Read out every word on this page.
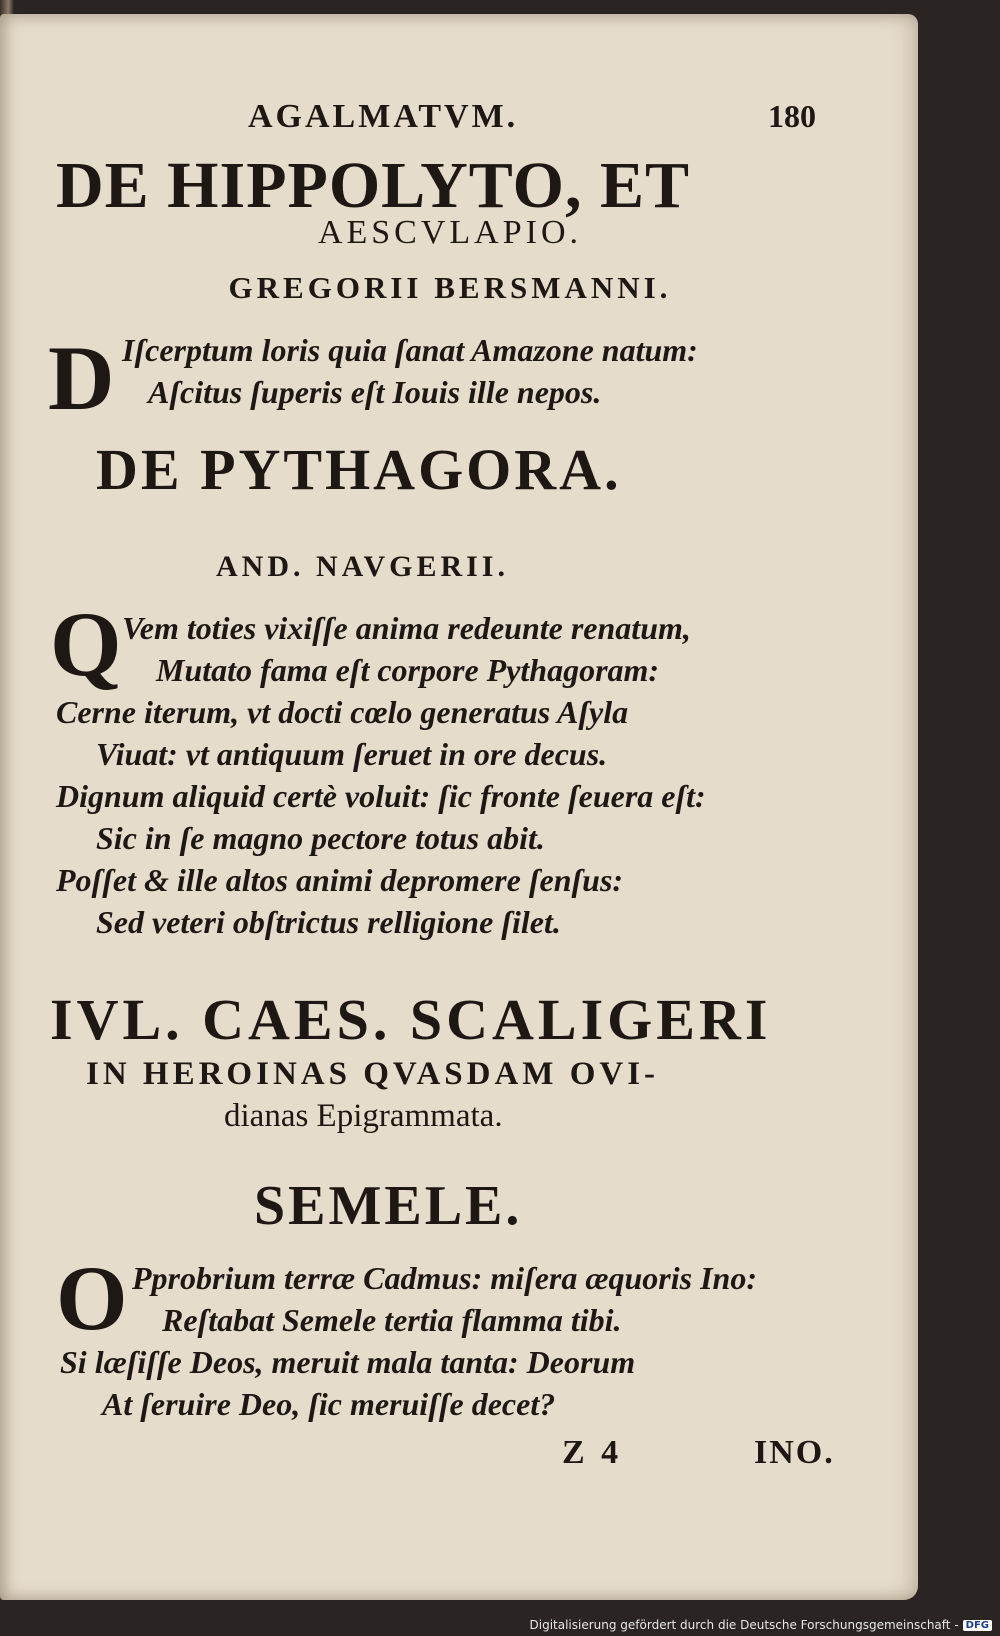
AGALMATVM.	180
DE HIPPOLYTO, ET
AESCVLAPIO.
GREGORII BERSMANNI.
D Iſcerptum loris quia ſanat Amazone natum:
Aſcitus ſuperis eſt Iouis ille nepos.
DE PYTHAGORA.
AND. NAVGERII.
Q Vem toties vixiſſe anima redeunte renatum,
Mutato fama eſt corpore Pythagoram:
Cerne iterum, vt docti cœlo generatus Aſyla
Viuat: vt antiquum ſeruet in ore decus.
Dignum aliquid certè voluit: ſic fronte ſeuera eſt:
Sic in ſe magno pectore totus abit.
Poſſet & ille altos animi depromere ſenſus:
Sed veteri obſtrictus relligione ſilet.
IVL. CAES. SCALIGERI
IN HEROINAS QVASDAM OVI-
dianas Epigrammata.
SEMELE.
O Pprobrium terræ Cadmus: miſera æquoris Ino:
Reſtabat Semele tertia flamma tibi.
Si læſiſſe Deos, meruit mala tanta: Deorum
At ſeruire Deo, ſic meruiſſe decet?
Z 4	INO.
Digitalisierung gefördert durch die Deutsche Forschungsgemeinschaft - DFG
